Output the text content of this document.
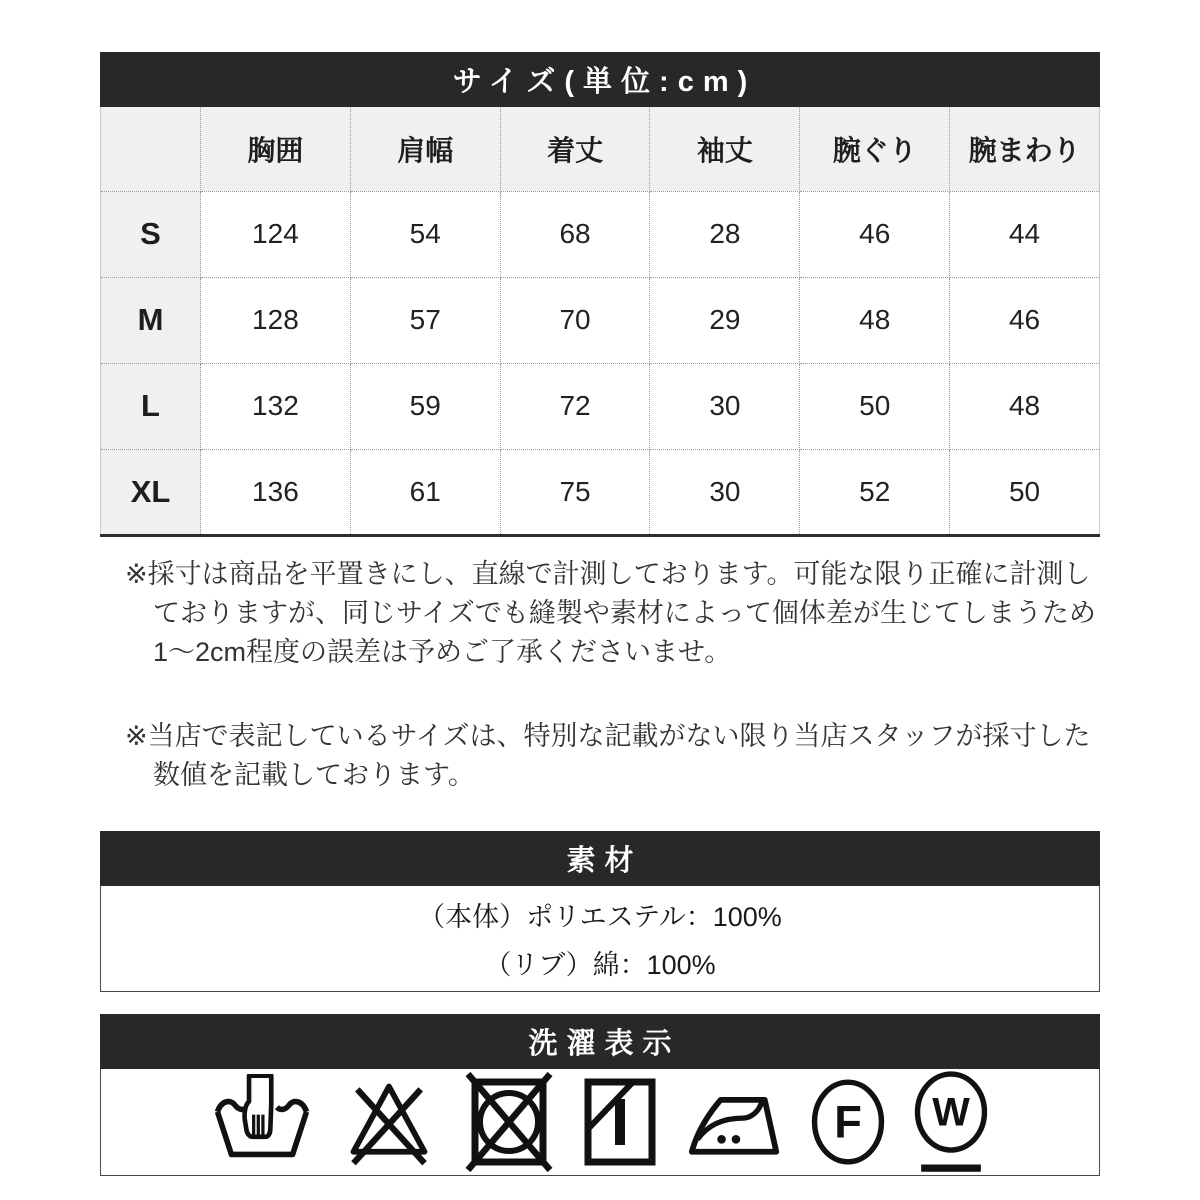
サイズ(単位:cm)
	胸囲	肩幅	着丈	袖丈	腕ぐり	腕まわり
S	124	54	68	28	46	44
M	128	57	70	29	48	46
L	132	59	72	30	50	48
XL	136	61	75	30	52	50
※採寸は商品を平置きにし、直線で計測しております。可能な限り正確に計測し
ておりますが、同じサイズでも縫製や素材によって個体差が生じてしまうため
1〜2cm程度の誤差は予めご了承くださいませ。
※当店で表記しているサイズは、特別な記載がない限り当店スタッフが採寸した
数値を記載しております。
素材
（本体）ポリエステル：100%
（リブ）綿：100%
洗濯表示
F W
